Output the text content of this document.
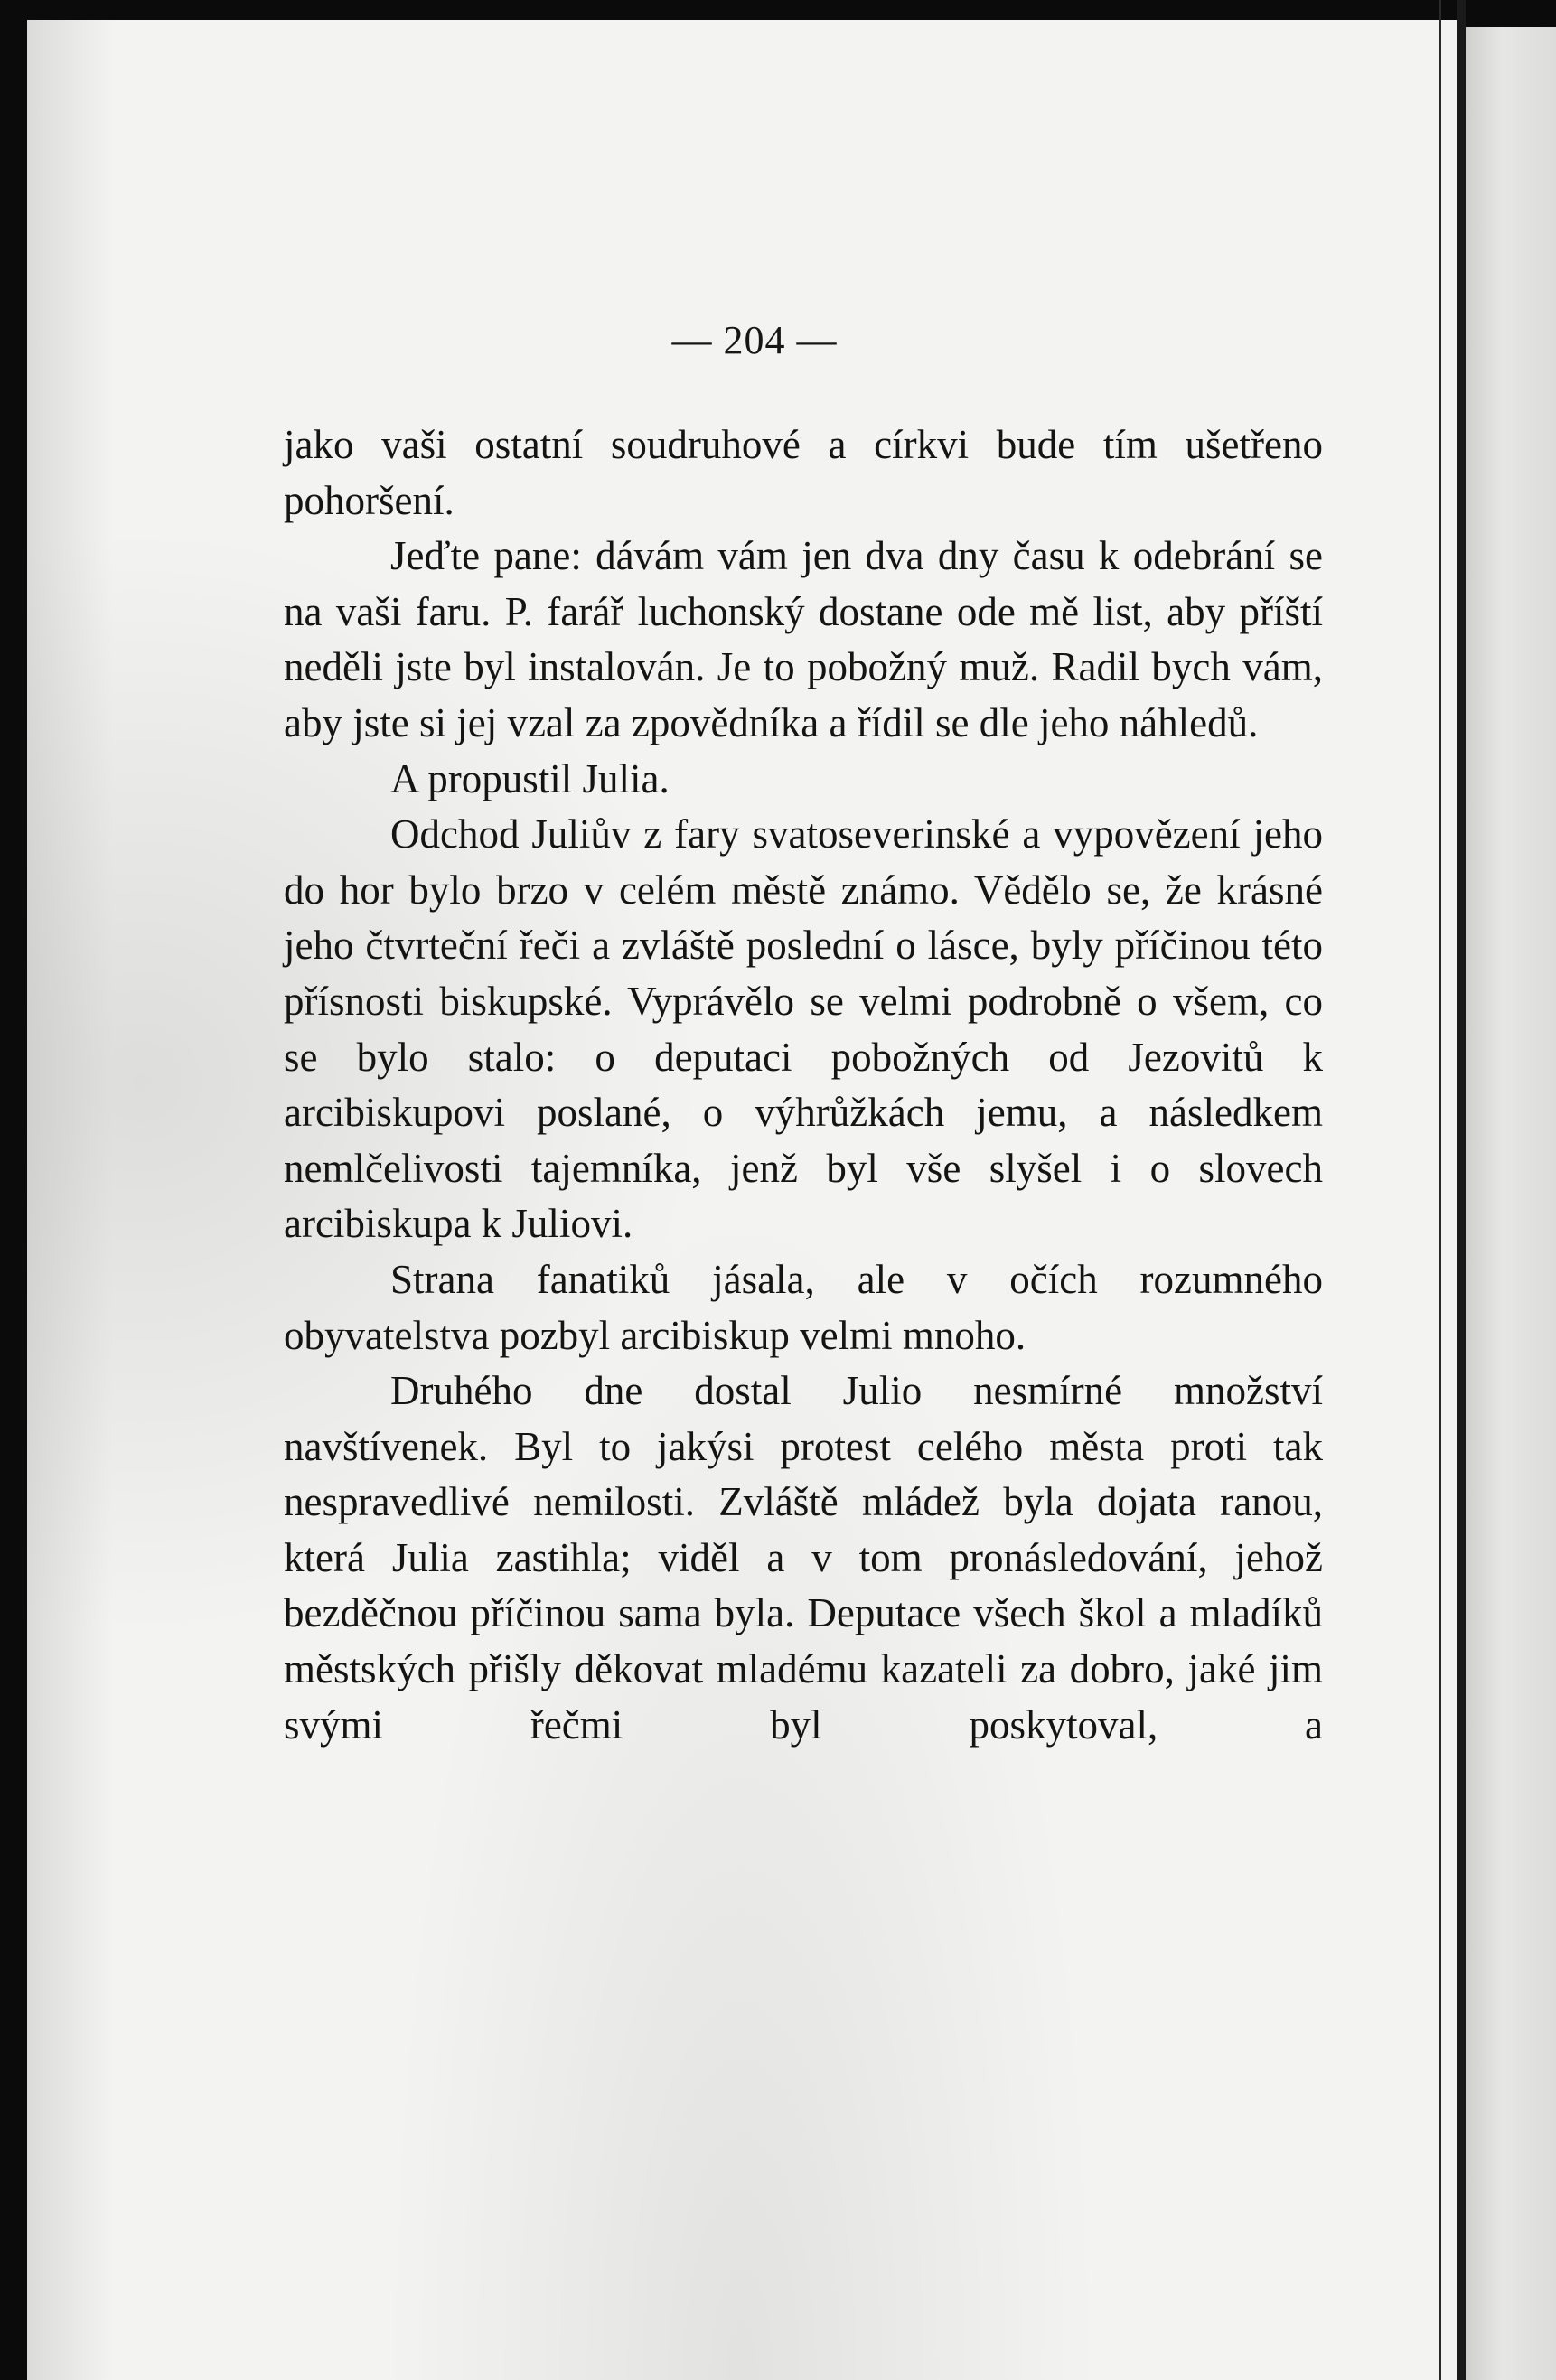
— 204 —

jako vaši ostatní soudruhové a církvi bude tím ušetřeno pohoršení.

Jeďte pane: dávám vám jen dva dny času k odebrání se na vaši faru. P. farář luchonský dostane ode mě list, aby příští neděli jste byl instalován. Je to pobožný muž. Radil bych vám, aby jste si jej vzal za zpovědníka a řídil se dle jeho náhledů.

A propustil Julia.

Odchod Juliův z fary svatoseverinské a vypovězení jeho do hor bylo brzo v celém městě známo. Vědělo se, že krásné jeho čtvrteční řeči a zvláště poslední o lásce, byly příčinou této přísnosti biskupské. Vyprávělo se velmi podrobně o všem, co se bylo stalo: o deputaci pobožných od Jezovitů k arcibiskupovi poslané, o výhrůžkách jemu, a následkem nemlčelivosti tajemníka, jenž byl vše slyšel i o slovech arcibiskupa k Juliovi.

Strana fanatiků jásala, ale v očích rozumného obyvatelstva pozbyl arcibiskup velmi mnoho.

Druhého dne dostal Julio nesmírné množství navštívenek. Byl to jakýsi protest celého města proti tak nespravedlivé nemilosti. Zvláště mládež byla dojata ranou, která Julia zastihla; viděl a v tom pronásledování, jehož bezděčnou příčinou sama byla. Deputace všech škol a mladíků městských přišly děkovat mladému kazateli za dobro, jaké jim svými řečmi byl poskytoval, a
